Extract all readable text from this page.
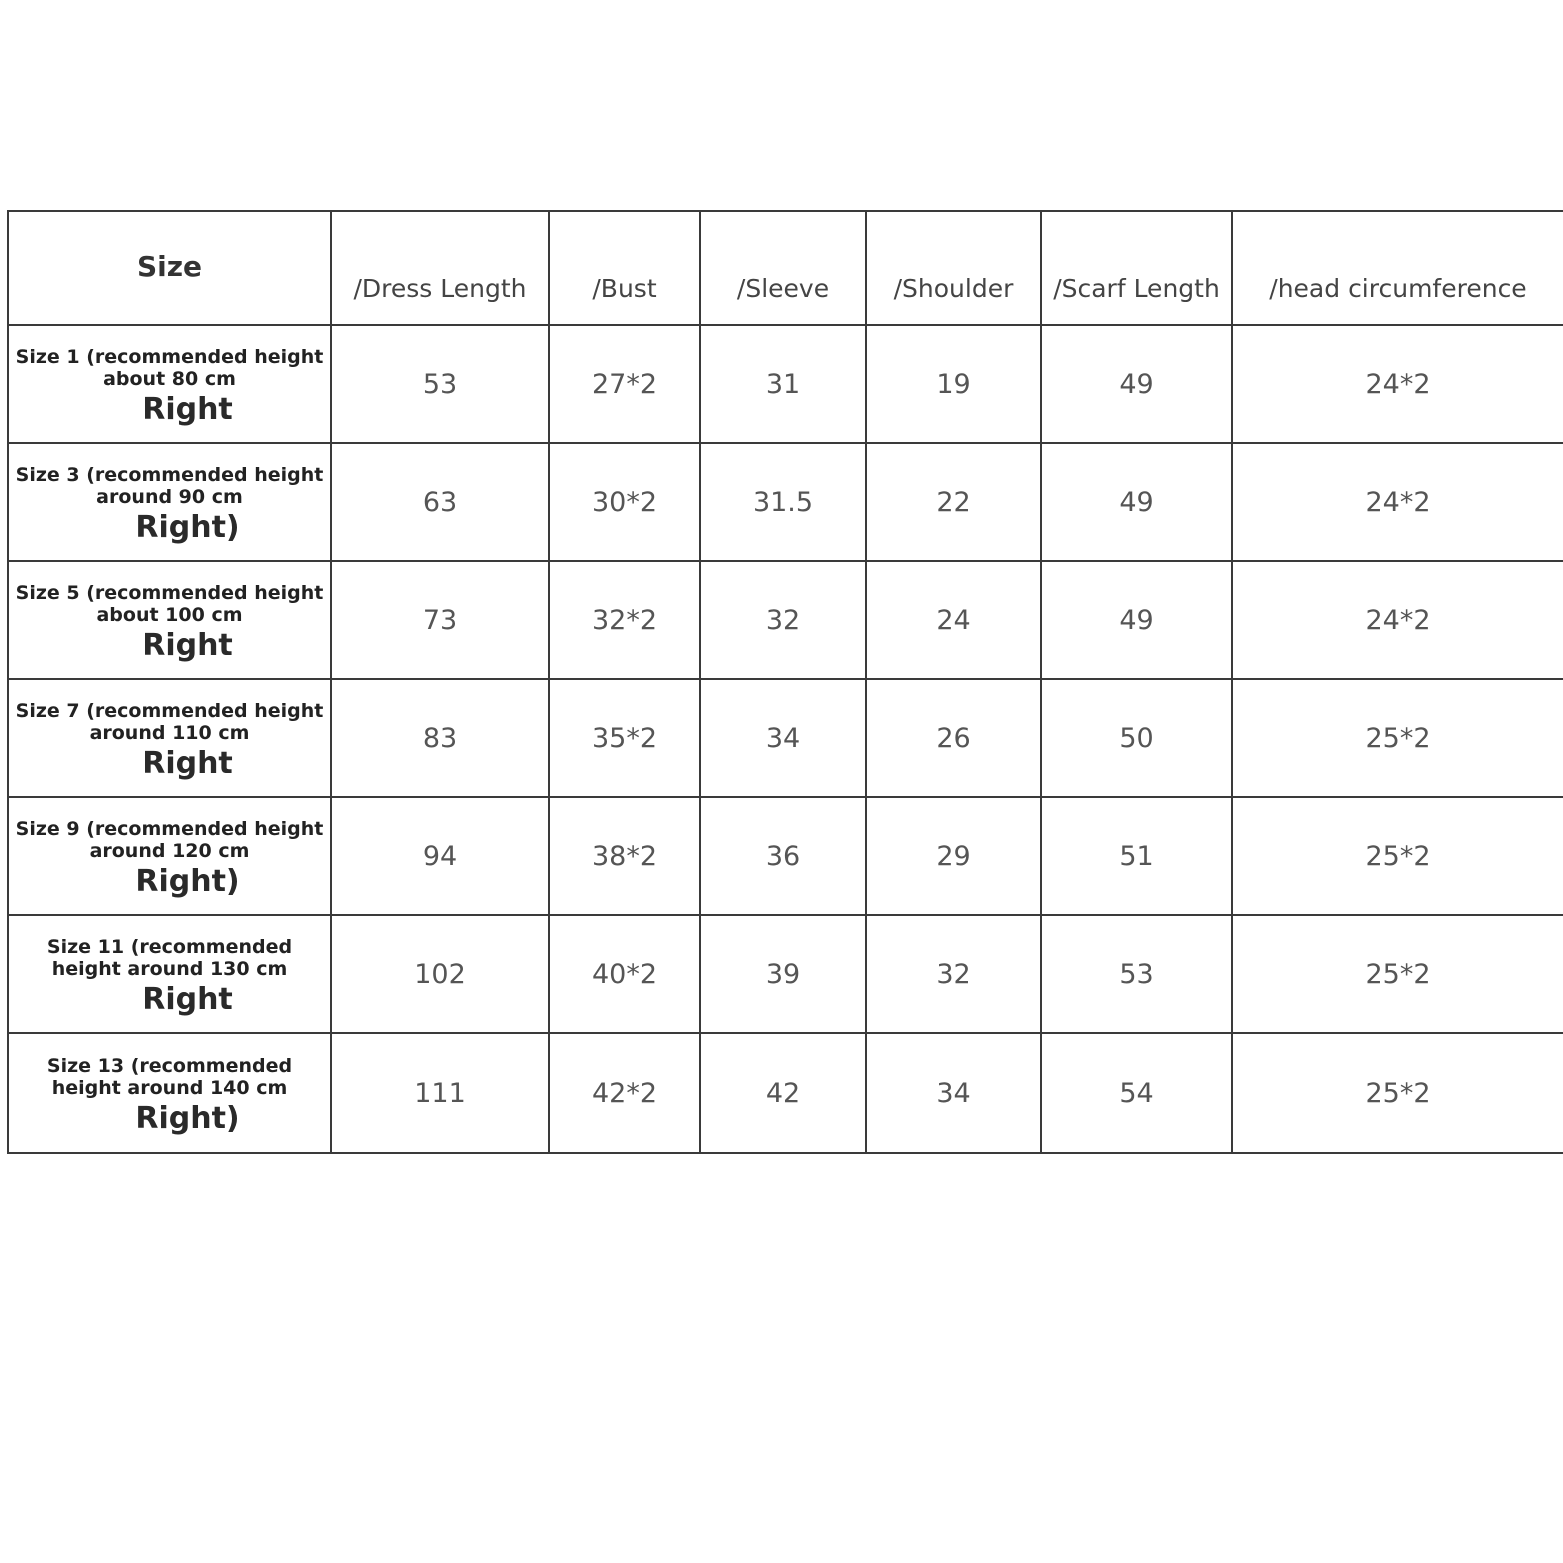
Size	/Dress Length	/Bust	/Sleeve	/Shoulder	/Scarf Length	/head circumference

Size 1 (recommended height about 80 cm
Right	53	27*2	31	19	49	24*2

Size 3 (recommended height around 90 cm
Right)	63	30*2	31.5	22	49	24*2

Size 5 (recommended height about 100 cm
Right	73	32*2	32	24	49	24*2

Size 7 (recommended height around 110 cm
Right	83	35*2	34	26	50	25*2

Size 9 (recommended height around 120 cm
Right)	94	38*2	36	29	51	25*2

Size 11 (recommended height around 130 cm
Right	102	40*2	39	32	53	25*2

Size 13 (recommended height around 140 cm
Right)	111	42*2	42	34	54	25*2
